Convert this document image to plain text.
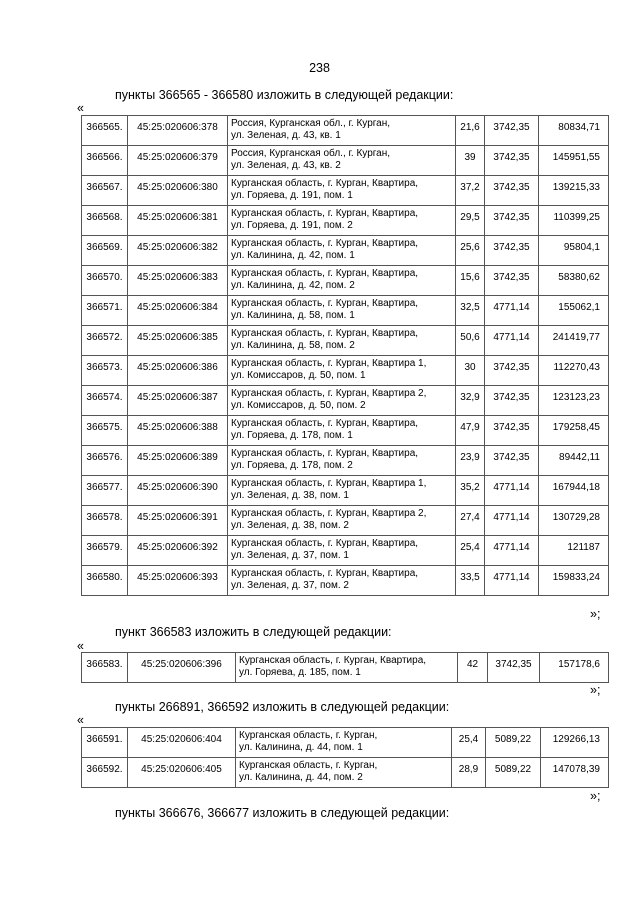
238
пункты 366565 - 366580 изложить в следующей редакции:
«
366565.	45:25:020606:378	Россия, Курганская обл., г. Курган,
ул. Зеленая, д. 43, кв. 1	21,6	3742,35	80834,71
366566.	45:25:020606:379	Россия, Курганская обл., г. Курган,
ул. Зеленая, д. 43, кв. 2	39	3742,35	145951,55
366567.	45:25:020606:380	Курганская область, г. Курган, Квартира,
ул. Горяева, д. 191, пом. 1	37,2	3742,35	139215,33
366568.	45:25:020606:381	Курганская область, г. Курган, Квартира,
ул. Горяева, д. 191, пом. 2	29,5	3742,35	110399,25
366569.	45:25:020606:382	Курганская область, г. Курган, Квартира,
ул. Калинина, д. 42, пом. 1	25,6	3742,35	95804,1
366570.	45:25:020606:383	Курганская область, г. Курган, Квартира,
ул. Калинина, д. 42, пом. 2	15,6	3742,35	58380,62
366571.	45:25:020606:384	Курганская область, г. Курган, Квартира,
ул. Калинина, д. 58, пом. 1	32,5	4771,14	155062,1
366572.	45:25:020606:385	Курганская область, г. Курган, Квартира,
ул. Калинина, д. 58, пом. 2	50,6	4771,14	241419,77
366573.	45:25:020606:386	Курганская область, г. Курган, Квартира 1,
ул. Комиссаров, д. 50, пом. 1	30	3742,35	112270,43
366574.	45:25:020606:387	Курганская область, г. Курган, Квартира 2,
ул. Комиссаров, д. 50, пом. 2	32,9	3742,35	123123,23
366575.	45:25:020606:388	Курганская область, г. Курган, Квартира,
ул. Горяева, д. 178, пом. 1	47,9	3742,35	179258,45
366576.	45:25:020606:389	Курганская область, г. Курган, Квартира,
ул. Горяева, д. 178, пом. 2	23,9	3742,35	89442,11
366577.	45:25:020606:390	Курганская область, г. Курган, Квартира 1,
ул. Зеленая, д. 38, пом. 1	35,2	4771,14	167944,18
366578.	45:25:020606:391	Курганская область, г. Курган, Квартира 2,
ул. Зеленая, д. 38, пом. 2	27,4	4771,14	130729,28
366579.	45:25:020606:392	Курганская область, г. Курган, Квартира,
ул. Зеленая, д. 37, пом. 1	25,4	4771,14	121187
366580.	45:25:020606:393	Курганская область, г. Курган, Квартира,
ул. Зеленая, д. 37, пом. 2	33,5	4771,14	159833,24
»;
пункт 366583 изложить в следующей редакции:
«
366583.	45:25:020606:396	Курганская область, г. Курган, Квартира,
ул. Горяева, д. 185, пом. 1
	42	3742,35	157178,6
»;
пункты 266891, 366592 изложить в следующей редакции:
«
366591.	45:25:020606:404	Курганская область, г. Курган,
ул. Калинина, д. 44, пом. 1	25,4	5089,22	129266,13
366592.	45:25:020606:405	Курганская область, г. Курган,
ул. Калинина, д. 44, пом. 2	28,9	5089,22	147078,39
»;
пункты 366676, 366677 изложить в следующей редакции:
